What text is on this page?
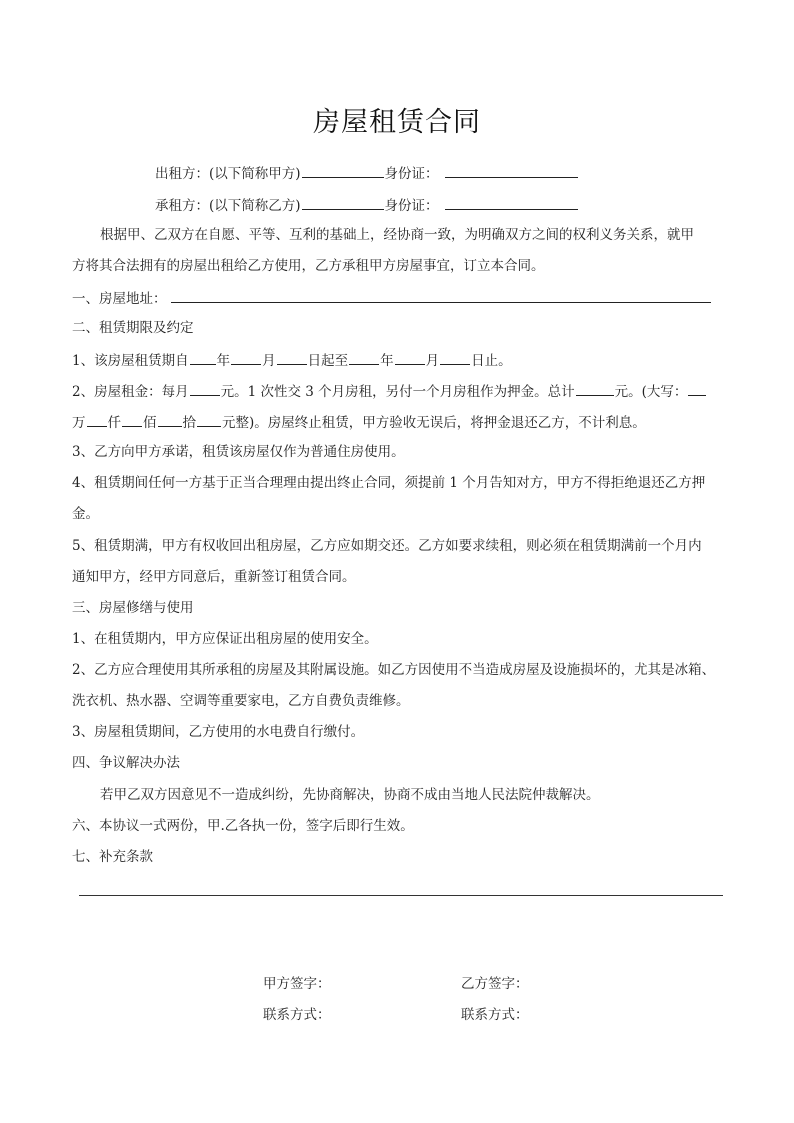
房屋租赁合同
出租方：(以下简称甲方)	身份证：
承租方：(以下简称乙方)	身份证：
根据甲、乙双方在自愿、平等、互利的基础上，经协商一致，为明确双方之间的权利义务关系，就甲
方将其合法拥有的房屋出租给乙方使用，乙方承租甲方房屋事宜，订立本合同。
一、房屋地址：
二、租赁期限及约定
1、该房屋租赁期自 年 月 日起至 年 月 日止。
2、房屋租金：每月 元。1 次性交 3 个月房租，另付一个月房租作为押金。总计	元。(大写：
万 仟 佰 拾 元整)。房屋终止租赁，甲方验收无误后，将押金退还乙方，不计利息。
3、乙方向甲方承诺，租赁该房屋仅作为普通住房使用。
4、租赁期间任何一方基于正当合理理由提出终止合同，须提前 1 个月告知对方，甲方不得拒绝退还乙方押
金。
5、租赁期满，甲方有权收回出租房屋，乙方应如期交还。乙方如要求续租，则必须在租赁期满前一个月内
通知甲方，经甲方同意后，重新签订租赁合同。
三、房屋修缮与使用
1、在租赁期内，甲方应保证出租房屋的使用安全。
2、乙方应合理使用其所承租的房屋及其附属设施。如乙方因使用不当造成房屋及设施损坏的，尤其是冰箱、
洗衣机、热水器、空调等重要家电，乙方自费负责维修。
3、房屋租赁期间，乙方使用的水电费自行缴付。
四、争议解决办法
若甲乙双方因意见不一造成纠纷，先协商解决，协商不成由当地人民法院仲裁解决。
六、本协议一式两份，甲.乙各执一份，签字后即行生效。
七、补充条款
甲方签字：	乙方签字：
联系方式：	联系方式：
